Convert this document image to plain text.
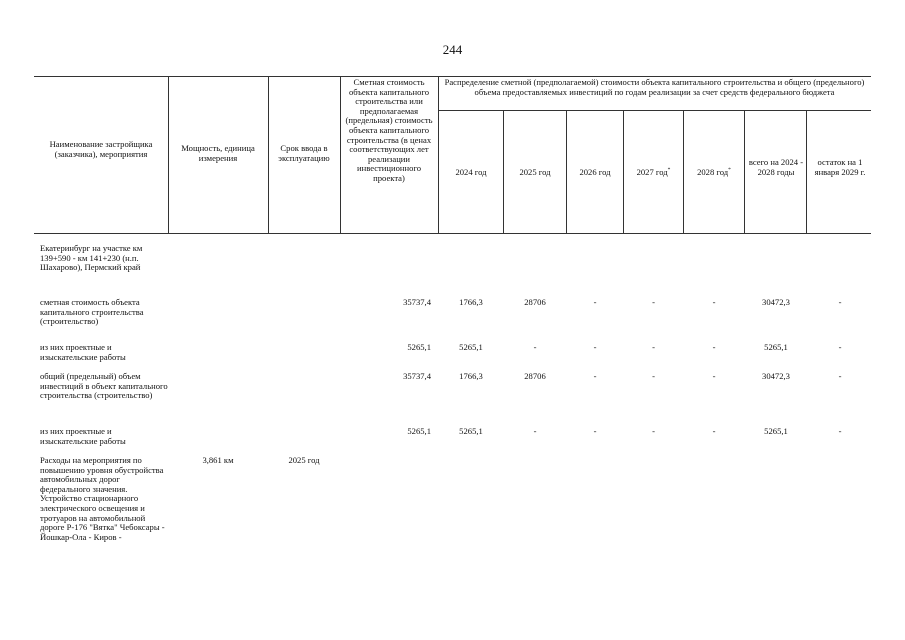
244
Наименование застройщика (заказчика), мероприятия
Мощность, единица измерения
Срок ввода в эксплуатацию
Сметная стоимость объекта капитального строительства или предполагаемая (предельная) стоимость объекта капитального строительства (в ценах соответствующих лет реализации инвестиционного проекта)
Распределение сметной (предполагаемой) стоимости объекта капитального строительства и общего (предельного) объема предоставляемых инвестиций по годам реализации за счет средств федерального бюджета
2024 год	2025 год	2026 год	2027 год*	2028 год*
всего на 2024 - 2028 годы
остаток на 1 января 2029 г.
Екатеринбург на участке км 139+590 - км 141+230 (н.п. Шахарово), Пермский край
сметная стоимость объекта капитального строительства (строительство)
35737,4	1766,3	28706	-	-	-	30472,3	-
из них проектные и изыскательские работы
5265,1	5265,1	-	-	-	-	5265,1	-
общий (предельный) объем инвестиций в объект капитального строительства (строительство)
35737,4	1766,3	28706	-	-	-	30472,3	-
из них проектные и изыскательские работы
5265,1	5265,1	-	-	-	-	5265,1	-
Расходы на мероприятия по повышению уровня обустройства автомобильных дорог федерального значения. Устройство стационарного электрического освещения и тротуаров на автомобильной дороге Р-176 "Вятка" Чебоксары - Йошкар-Ола - Киров -
3,861 км	2025 год
